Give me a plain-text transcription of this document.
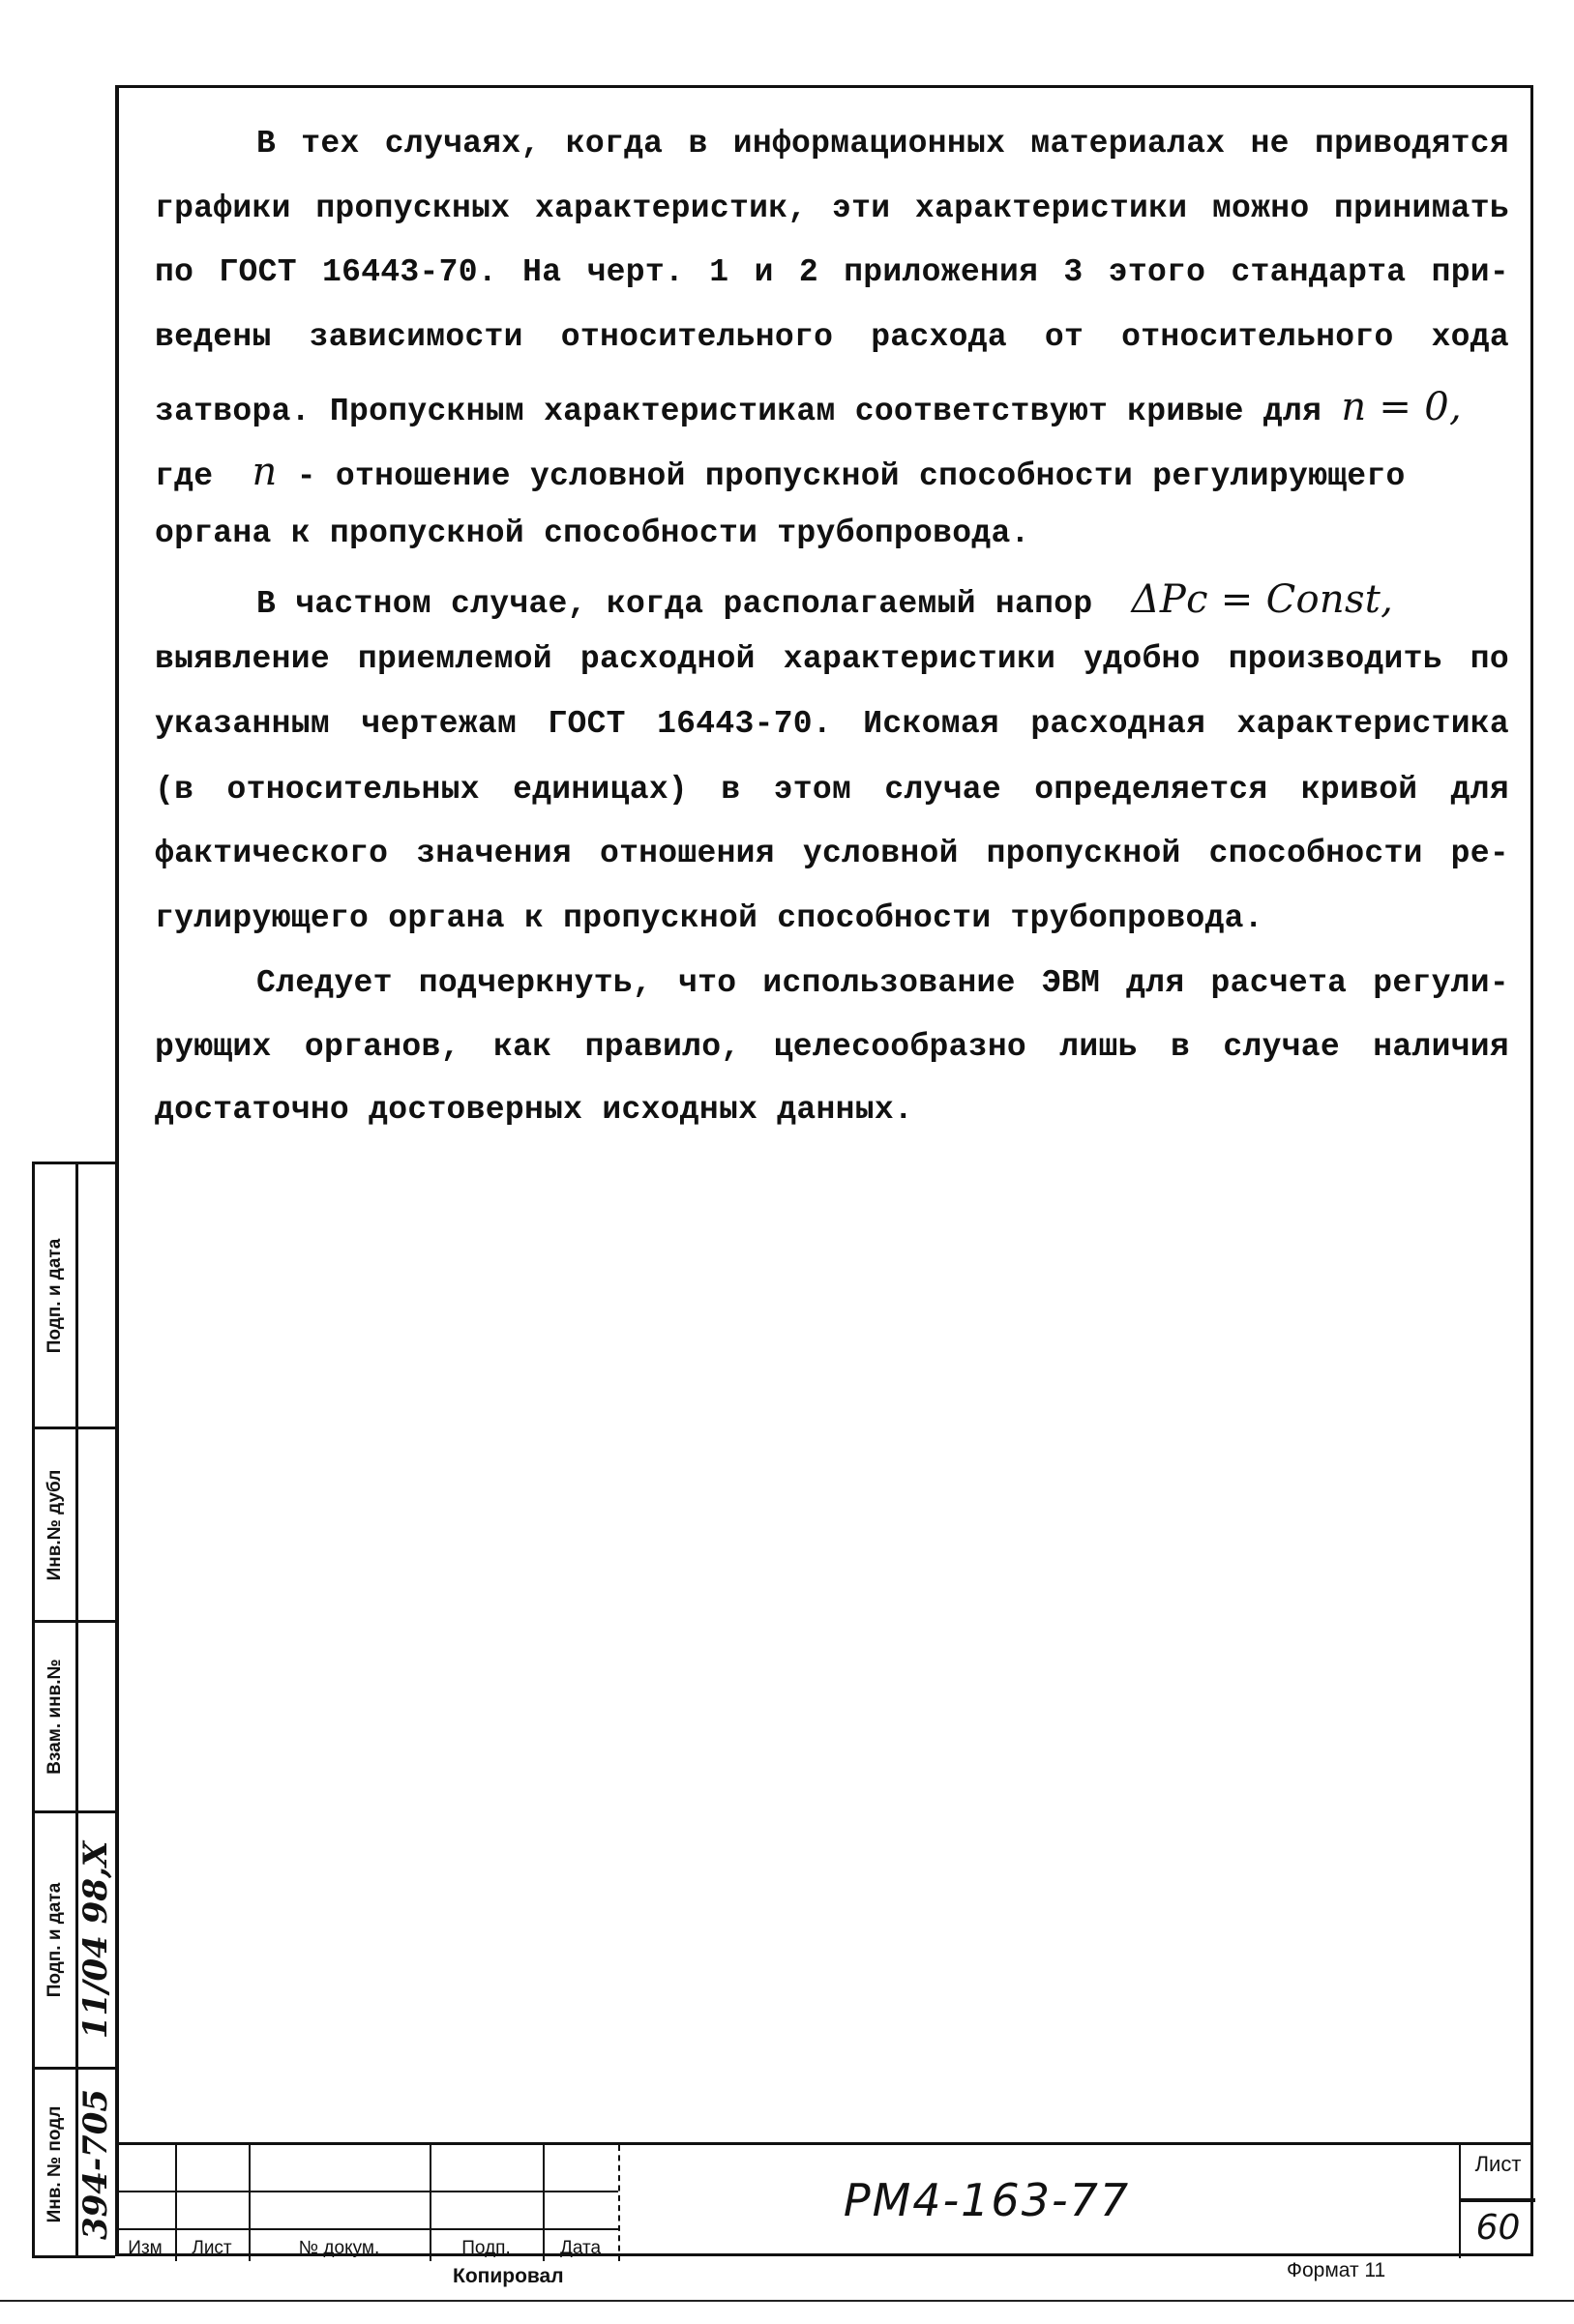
В тех случаях, когда в информационных материалах не приводятся
графики пропускных характеристик, эти характеристики можно принимать
по ГОСТ 16443-70. На черт. 1 и 2 приложения 3 этого стандарта при-
ведены зависимости относительного расхода от относительного хода
затвора. Пропускным характеристикам соответствуют кривые для n = 0,
где n - отношение условной пропускной способности регулирующего
органа к пропускной способности трубопровода.
В частном случае, когда располагаемый напор ΔPc = Const,
выявление приемлемой расходной характеристики удобно производить по
указанным чертежам ГОСТ 16443-70. Искомая расходная характеристика
(в относительных единицах) в этом случае определяется кривой для
фактического значения отношения условной пропускной способности ре-
гулирующего органа к пропускной способности трубопровода.
Следует подчеркнуть, что использование ЭВМ для расчета регули-
рующих органов, как правило, целесообразно лишь в случае наличия
достаточно достоверных исходных данных.
Подп. и дата
Инв.№ дубл
Взам. инв.№
Подп. и дата 11/04 98,X
Инв. № подл 394-705
Изм	Лист	№ докум.	Подп.	Дата
РМ4-163-77
Лист
60
Копировал	Формат 11
